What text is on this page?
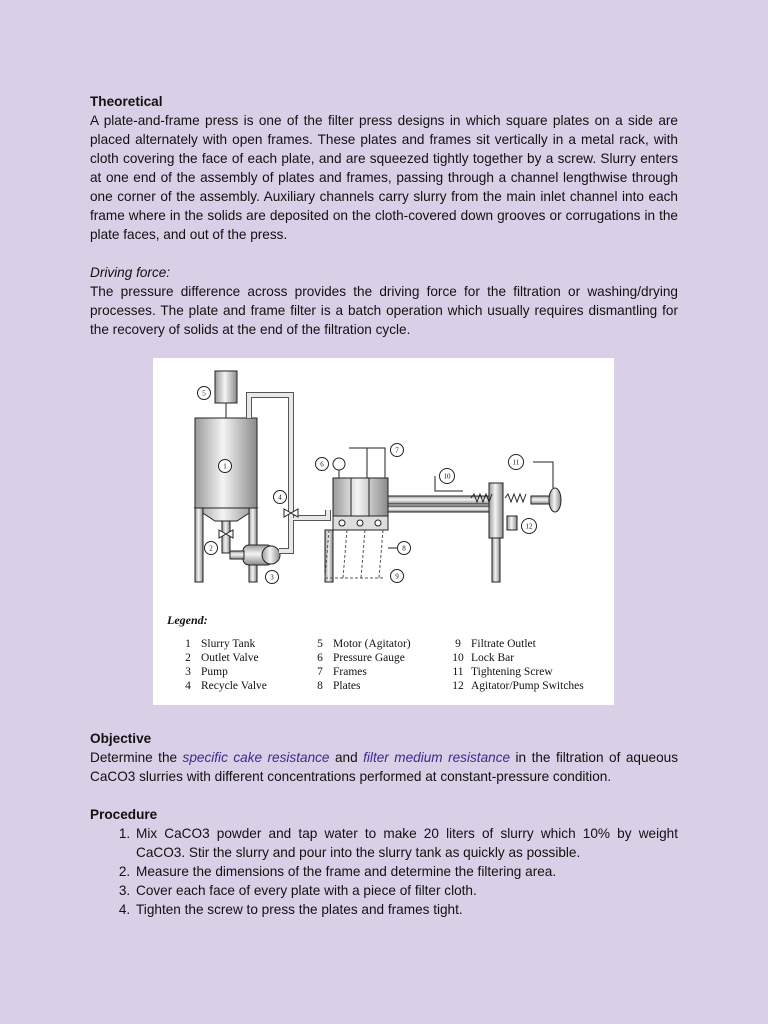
Theoretical

A plate-and-frame press is one of the filter press designs in which square plates on a side are placed alternately with open frames. These plates and frames sit vertically in a metal rack, with cloth covering the face of each plate, and are squeezed tightly together by a screw. Slurry enters at one end of the assembly of plates and frames, passing through a channel lengthwise through one corner of the assembly. Auxiliary channels carry slurry from the main inlet channel into each frame where in the solids are deposited on the cloth-covered down grooves or corrugations in the plate faces, and out of the press.

Driving force:

The pressure difference across provides the driving force for the filtration or washing/drying processes. The plate and frame filter is a batch operation which usually requires dismantling for the recovery of solids at the end of the filtration cycle.

1
2
3
4
5
6
7
8
9
10
11
12
Legend:
1 Slurry Tank
2 Outlet Valve
3 Pump
4 Recycle Valve
5 Motor (Agitator)
6 Pressure Gauge
7 Frames
8 Plates
9 Filtrate Outlet
10 Lock Bar
11 Tightening Screw
12 Agitator/Pump Switches
Objective

Determine the specific cake resistance and filter medium resistance in the filtration of aqueous CaCO3 slurries with different concentrations performed at constant-pressure condition.

Procedure
1. Mix CaCO3 powder and tap water to make 20 liters of slurry which 10% by weight CaCO3. Stir the slurry and pour into the slurry tank as quickly as possible.
2. Measure the dimensions of the frame and determine the filtering area.
3. Cover each face of every plate with a piece of filter cloth.
4. Tighten the screw to press the plates and frames tight.
